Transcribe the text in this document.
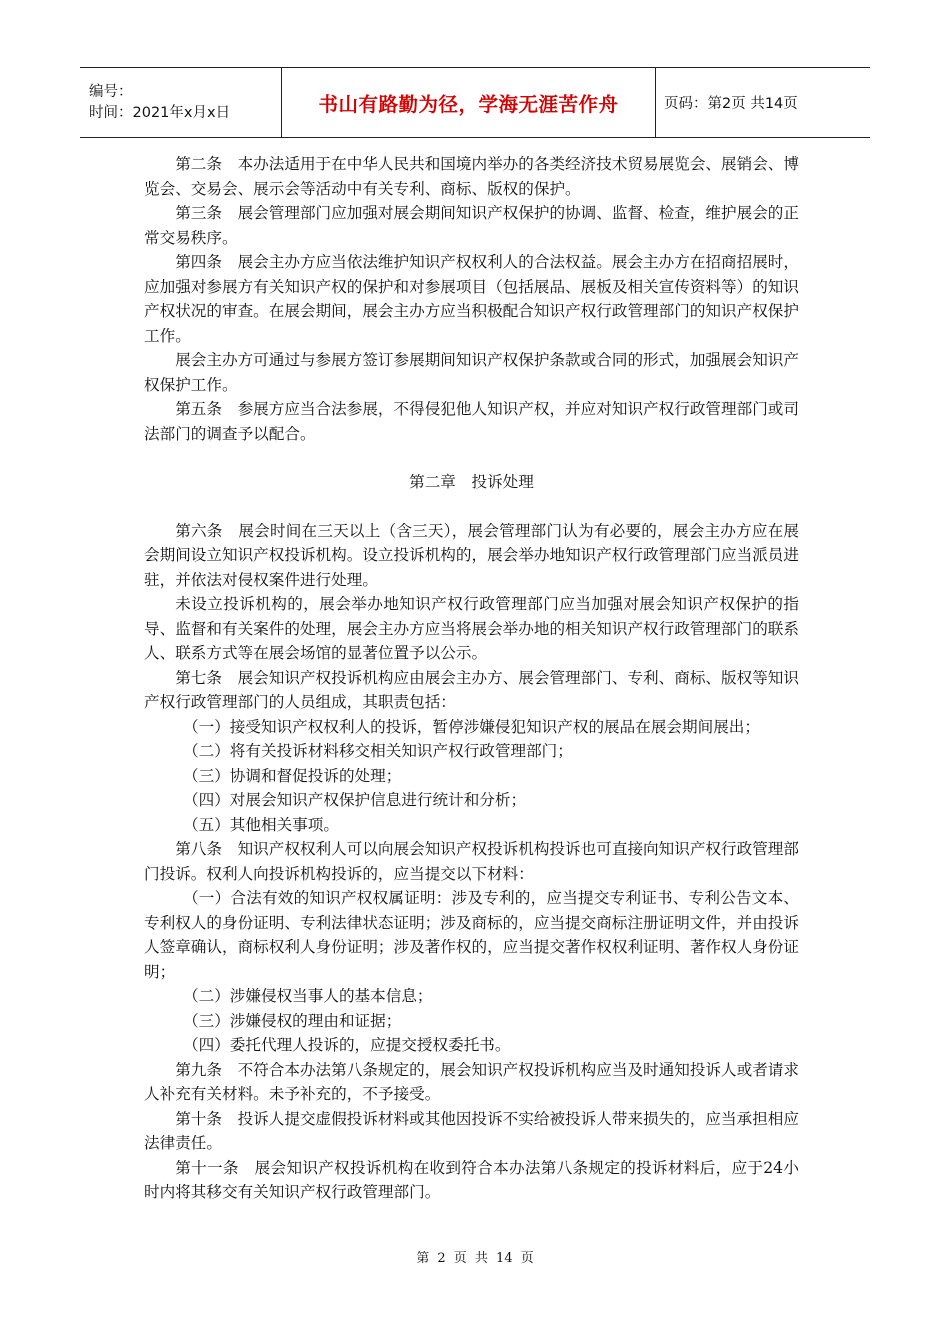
编号：
时间：2021年x月x日	书山有路勤为径，学海无涯苦作舟	页码：第2页 共14页

第二条　本办法适用于在中华人民共和国境内举办的各类经济技术贸易展览会、展销会、博览会、交易会、展示会等活动中有关专利、商标、版权的保护。

第三条　展会管理部门应加强对展会期间知识产权保护的协调、监督、检查，维护展会的正常交易秩序。

第四条　展会主办方应当依法维护知识产权权利人的合法权益。展会主办方在招商招展时，应加强对参展方有关知识产权的保护和对参展项目（包括展品、展板及相关宣传资料等）的知识产权状况的审查。在展会期间，展会主办方应当积极配合知识产权行政管理部门的知识产权保护工作。

展会主办方可通过与参展方签订参展期间知识产权保护条款或合同的形式，加强展会知识产权保护工作。

第五条　参展方应当合法参展，不得侵犯他人知识产权，并应对知识产权行政管理部门或司法部门的调查予以配合。

第二章　投诉处理

第六条　展会时间在三天以上（含三天），展会管理部门认为有必要的，展会主办方应在展会期间设立知识产权投诉机构。设立投诉机构的，展会举办地知识产权行政管理部门应当派员进驻，并依法对侵权案件进行处理。

未设立投诉机构的，展会举办地知识产权行政管理部门应当加强对展会知识产权保护的指导、监督和有关案件的处理，展会主办方应当将展会举办地的相关知识产权行政管理部门的联系人、联系方式等在展会场馆的显著位置予以公示。

第七条　展会知识产权投诉机构应由展会主办方、展会管理部门、专利、商标、版权等知识产权行政管理部门的人员组成，其职责包括：

（一）接受知识产权权利人的投诉，暂停涉嫌侵犯知识产权的展品在展会期间展出；

（二）将有关投诉材料移交相关知识产权行政管理部门；

（三）协调和督促投诉的处理；

（四）对展会知识产权保护信息进行统计和分析；

（五）其他相关事项。

第八条　知识产权权利人可以向展会知识产权投诉机构投诉也可直接向知识产权行政管理部门投诉。权利人向投诉机构投诉的，应当提交以下材料：

（一）合法有效的知识产权权属证明：涉及专利的，应当提交专利证书、专利公告文本、专利权人的身份证明、专利法律状态证明；涉及商标的，应当提交商标注册证明文件，并由投诉人签章确认，商标权利人身份证明；涉及著作权的，应当提交著作权权利证明、著作权人身份证明；

（二）涉嫌侵权当事人的基本信息；

（三）涉嫌侵权的理由和证据；

（四）委托代理人投诉的，应提交授权委托书。

第九条　不符合本办法第八条规定的，展会知识产权投诉机构应当及时通知投诉人或者请求人补充有关材料。未予补充的，不予接受。

第十条　投诉人提交虚假投诉材料或其他因投诉不实给被投诉人带来损失的，应当承担相应法律责任。

第十一条　展会知识产权投诉机构在收到符合本办法第八条规定的投诉材料后，应于24小时内将其移交有关知识产权行政管理部门。

第 2 页 共 14 页
